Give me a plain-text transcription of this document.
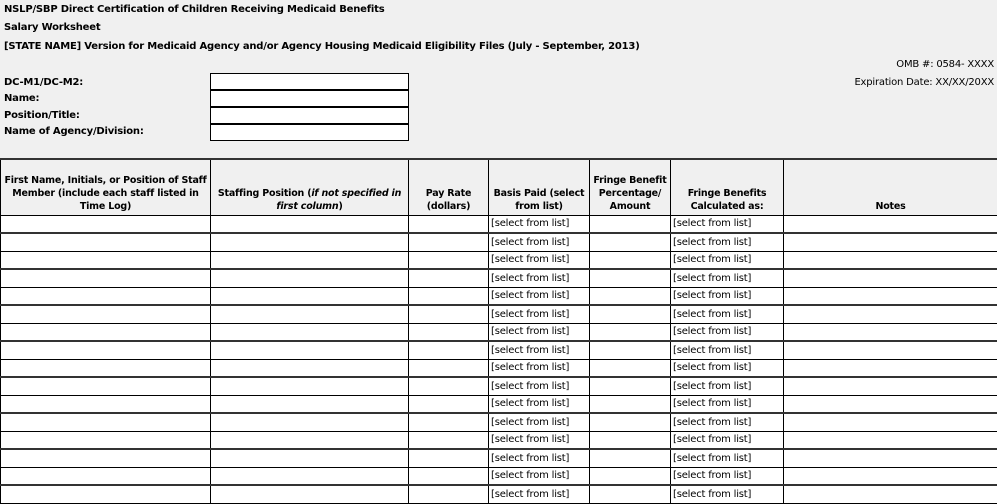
NSLP/SBP Direct Certification of Children Receiving Medicaid Benefits
Salary Worksheet
[STATE NAME] Version for Medicaid Agency and/or Agency Housing Medicaid Eligibility Files (July - September, 2013)
OMB #: 0584- XXXX
Expiration Date: XX/XX/20XX
DC-M1/DC-M2:
Name:
Position/Title:
Name of Agency/Division:
First Name, Initials, or Position of Staff Member (include each staff listed in Time Log)	Staffing Position (if not specified in first column)	Pay Rate (dollars)	Basis Paid (select from list)	Fringe Benefit Percentage/ Amount	Fringe Benefits Calculated as:	Notes
			[select from list]		[select from list]	
			[select from list]		[select from list]	
			[select from list]		[select from list]	
			[select from list]		[select from list]	
			[select from list]		[select from list]	
			[select from list]		[select from list]	
			[select from list]		[select from list]	
			[select from list]		[select from list]	
			[select from list]		[select from list]	
			[select from list]		[select from list]	
			[select from list]		[select from list]	
			[select from list]		[select from list]	
			[select from list]		[select from list]	
			[select from list]		[select from list]	
			[select from list]		[select from list]	
			[select from list]		[select from list]	
